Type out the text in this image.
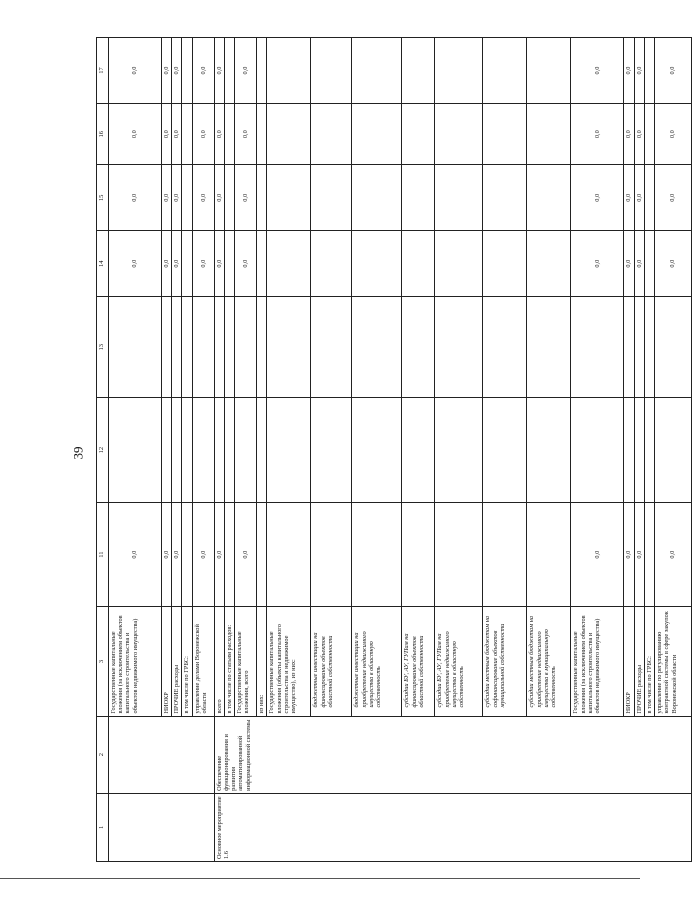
39
1	2	3	11	12	13	14	15	16	17
		Государственные капитальные вложения (за исключением объектов капитального строительства и объектов недвижимого имущества)	0,0			0,0	0,0	0,0	0,0
		НИОКР	0,0			0,0	0,0	0,0	0,0
		ПРОЧИЕ расходы	0,0			0,0	0,0	0,0	0,0
		в том числе по ГРБС:							
		управление делами Воронежской области	0,0			0,0	0,0	0,0	0,0
Основное мероприятие 1.6	Обеспечение функционирования и развития автоматизированной информационной системы	всего	0,0			0,0	0,0	0,0	0,0
		в том числе по статьям расходов:							
		Государственные капитальные вложения, всего	0,0			0,0	0,0	0,0	0,0
		из них:							
		Государственные капитальные вложения (объекты капитального строительства и недвижимое имущество), из них:							
		бюджетные инвестиции на финансирование объектов областной собственности							
		бюджетные инвестиции на приобретение недвижимого имущества в областную собственность							
		субсидии БУ, АУ, ГУПам на финансирование объектов областной собственности							
		субсидии БУ, АУ, ГУПам на приобретение недвижимого имущества в областную собственность							
		субсидии местным бюджетам на софинансирование объектов муниципальной собственности							
		субсидии местным бюджетам на приобретение недвижимого имущества в муниципальную собственность							
		Государственные капитальные вложения (за исключением объектов капитального строительства и объектов недвижимого имущества)	0,0			0,0	0,0	0,0	0,0
		НИОКР	0,0			0,0	0,0	0,0	0,0
		ПРОЧИЕ расходы	0,0			0,0	0,0	0,0	0,0
		в том числе по ГРБС:							
		управление по регулированию контрактной системы в сфере закупок Воронежской области	0,0			0,0	0,0	0,0	0,0
